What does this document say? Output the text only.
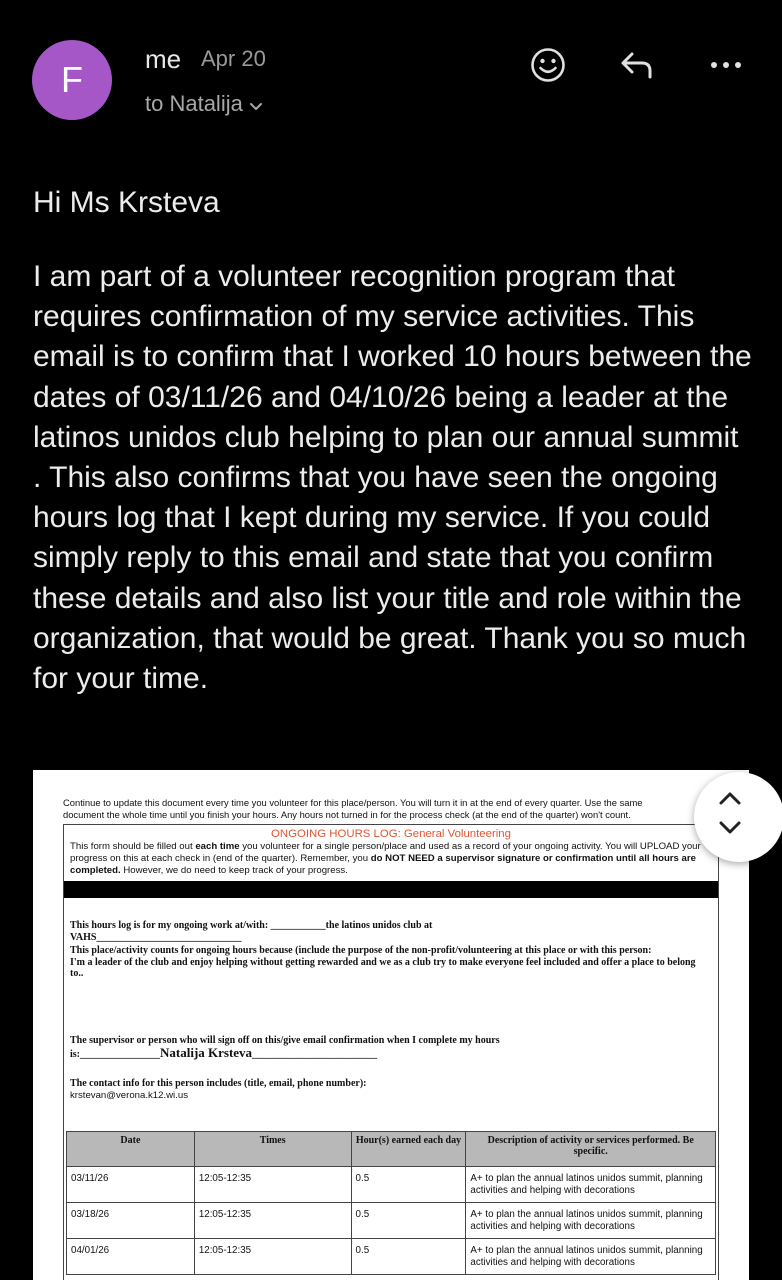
F	me Apr 20
to Natalija
Hi Ms Krsteva
I am part of a volunteer recognition program that requires confirmation of my service activities. This email is to confirm that I worked 10 hours between the dates of 03/11/26 and 04/10/26 being a leader at the latinos unidos club helping to plan our annual summit . This also confirms that you have seen the ongoing hours log that I kept during my service. If you could simply reply to this email and state that you confirm these details and also list your title and role within the organization, that would be great. Thank you so much for your time.
Continue to update this document every time you volunteer for this place/person. You will turn it in at the end of every quarter. Use the same
document the whole time until you finish your hours. Any hours not turned in for the process check (at the end of the quarter) won't count.
ONGOING HOURS LOG: General Volunteering
This form should be filled out each time you volunteer for a single person/place and used as a record of your ongoing activity. You will UPLOAD your progress on this at each check in (end of the quarter). Remember, you do NOT NEED a supervisor signature or confirmation until all hours are completed. However, we do need to keep track of your progress.
This hours log is for my ongoing work at/with: ___________the latinos unidos club at
VAHS_____________________________
This place/activity counts for ongoing hours because (include the purpose of the non-profit/volunteering at this place or with this person:
I'm a leader of the club and enjoy helping without getting rewarded and we as a club try to make everyone feel included and offer a place to belong to..
The supervisor or person who will sign off on this/give email confirmation when I complete my hours
is:________________Natalija Krsteva_________________________
The contact info for this person includes (title, email, phone number):
krstevan@verona.k12.wi.us
Date	Times	Hour(s) earned each day	Description of activity or services performed. Be specific.
03/11/26	12:05-12:35	0.5	A+ to plan the annual latinos unidos summit, planning activities and helping with decorations
03/18/26	12:05-12:35	0.5	A+ to plan the annual latinos unidos summit, planning activities and helping with decorations
04/01/26	12:05-12:35	0.5	A+ to plan the annual latinos unidos summit, planning activities and helping with decorations
